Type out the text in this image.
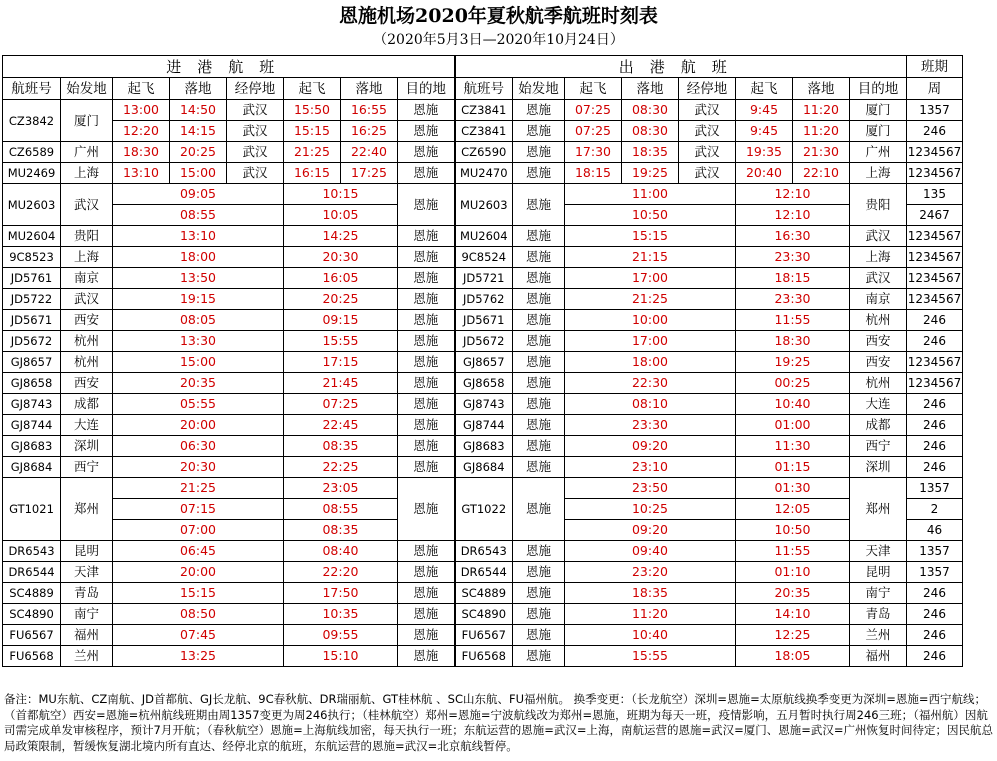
恩施机场2020年夏秋航季航班时刻表
（2020年5月3日—2020年10月24日）
进港航班								出港航班								班期
航班号	始发地	起飞	落地	经停地	起飞	落地	目的地	航班号	始发地	起飞	落地	经停地	起飞	落地	目的地	周
CZ3842	厦门	13:00	14:50	武汉	15:50	16:55	恩施	CZ3841	恩施	07:25	08:30	武汉	9:45	11:20	厦门	1357
		12:20	14:15	武汉	15:15	16:25	恩施	CZ3841	恩施	07:25	08:30	武汉	9:45	11:20	厦门	246
CZ6589	广州	18:30	20:25	武汉	21:25	22:40	恩施	CZ6590	恩施	17:30	18:35	武汉	19:35	21:30	广州	1234567
MU2469	上海	13:10	15:00	武汉	16:15	17:25	恩施	MU2470	恩施	18:15	19:25	武汉	20:40	22:10	上海	1234567
MU2603	武汉	09:05			10:15		恩施	MU2603	恩施	11:00			12:10		贵阳	135
		08:55			10:05					10:50			12:10			2467
MU2604	贵阳	13:10			14:25		恩施	MU2604	恩施	15:15			16:30		武汉	1234567
9C8523	上海	18:00			20:30		恩施	9C8524	恩施	21:15			23:30		上海	1234567
JD5761	南京	13:50			16:05		恩施	JD5721	恩施	17:00			18:15		武汉	1234567
JD5722	武汉	19:15			20:25		恩施	JD5762	恩施	21:25			23:30		南京	1234567
JD5671	西安	08:05			09:15		恩施	JD5671	恩施	10:00			11:55		杭州	246
JD5672	杭州	13:30			15:55		恩施	JD5672	恩施	17:00			18:30		西安	246
GJ8657	杭州	15:00			17:15		恩施	GJ8657	恩施	18:00			19:25		西安	1234567
GJ8658	西安	20:35			21:45		恩施	GJ8658	恩施	22:30			00:25		杭州	1234567
GJ8743	成都	05:55			07:25		恩施	GJ8743	恩施	08:10			10:40		大连	246
GJ8744	大连	20:00			22:45		恩施	GJ8744	恩施	23:30			01:00		成都	246
GJ8683	深圳	06:30			08:35		恩施	GJ8683	恩施	09:20			11:30		西宁	246
GJ8684	西宁	20:30			22:25		恩施	GJ8684	恩施	23:10			01:15		深圳	246
GT1021	郑州	21:25			23:05		恩施	GT1022	恩施	23:50			01:30		郑州	1357
		07:15			08:55					10:25			12:05			2
		07:00			08:35					09:20			10:50			46
DR6543	昆明	06:45			08:40		恩施	DR6543	恩施	09:40			11:55		天津	1357
DR6544	天津	20:00			22:20		恩施	DR6544	恩施	23:20			01:10		昆明	1357
SC4889	青岛	15:15			17:50		恩施	SC4889	恩施	18:35			20:35		南宁	246
SC4890	南宁	08:50			10:35		恩施	SC4890	恩施	11:20			14:10		青岛	246
FU6567	福州	07:45			09:55		恩施	FU6567	恩施	10:40			12:25		兰州	246
FU6568	兰州	13:25			15:10		恩施	FU6568	恩施	15:55			18:05		福州	246
备注：MU东航、CZ南航、JD首都航、GJ长龙航、9C春秋航、DR瑞丽航、GT桂林航 、SC山东航、FU福州航。 换季变更：（长龙航空）深圳=恩施=太原航线换季变更为深圳=恩施=西宁航线；（首都航空）西安=恩施=杭州航线班期由周1357变更为周246执行；（桂林航空）郑州=恩施=宁波航线改为郑州=恩施，班期为每天一班，疫情影响，五月暂时执行周246三班；（福州航）因航司需完成单发审核程序，预计7月开航；（春秋航空）恩施=上海航线加密，每天执行一班；东航运营的恩施=武汉=上海，南航运营的恩施=武汉=厦门、恩施=武汉=广州恢复时间待定；因民航总局政策限制，暂缓恢复湖北境内所有直达、经停北京的航班，东航运营的恩施=武汉=北京航线暂停。
